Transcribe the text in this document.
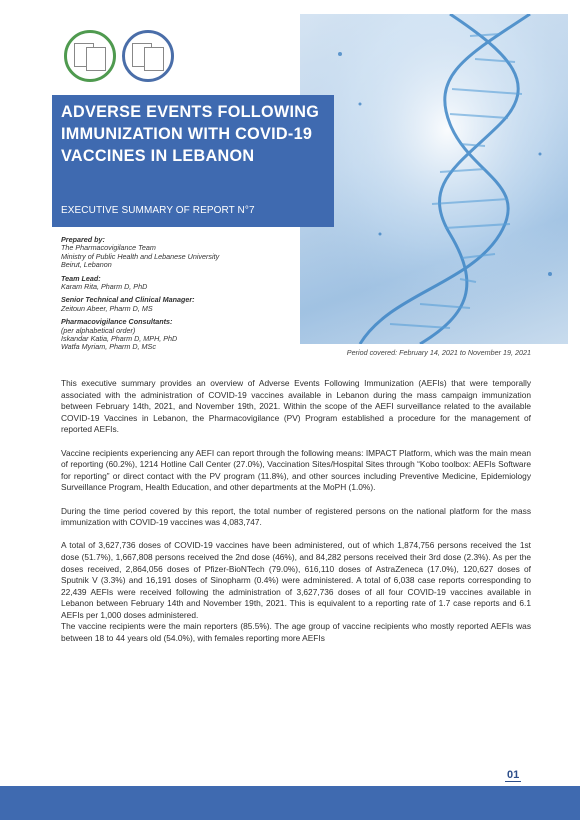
ADVERSE EVENTS FOLLOWING IMMUNIZATION WITH COVID-19 VACCINES IN LEBANON
EXECUTIVE SUMMARY OF REPORT N°7
Prepared by:
The Pharmacovigilance Team
Ministry of Public Health and Lebanese University
Beirut, Lebanon
Team Lead:
Karam Rita, Pharm D, PhD
Senior Technical and Clinical Manager:
Zeitoun Abeer, Pharm D, MS
Pharmacovigilance Consultants:
(per alphabetical order)
Iskandar Katia, Pharm D, MPH, PhD
Watfa Myriam, Pharm D, MSc
Period covered: February 14, 2021 to November 19, 2021

This executive summary provides an overview of Adverse Events Following Immunization (AEFIs) that were temporally associated with the administration of COVID-19 vaccines available in Lebanon during the mass campaign immunization between February 14th, 2021, and November 19th, 2021. Within the scope of the AEFI surveillance related to the available COVID-19 Vaccines in Lebanon, the Pharmacovigilance (PV) Program established a procedure for the management of reported AEFIs.

Vaccine recipients experiencing any AEFI can report through the following means: IMPACT Platform, which was the main mean of reporting (60.2%), 1214 Hotline Call Center (27.0%), Vaccination Sites/Hospital Sites through “Kobo toolbox: AEFIs Software for reporting” or direct contact with the PV program (11.8%), and other sources including Preventive Medicine, Epidemiology Surveillance Program, Health Education, and other departments at the MoPH (1.0%).

During the time period covered by this report, the total number of registered persons on the national platform for the mass immunization with COVID-19 vaccines was 4,083,747.

A total of 3,627,736 doses of COVID-19 vaccines have been administered, out of which 1,874,756 persons received the 1st dose (51.7%), 1,667,808 persons received the 2nd dose (46%), and 84,282 persons received their 3rd dose (2.3%). As per the doses received, 2,864,056 doses of Pfizer-BioNTech (79.0%), 616,110 doses of AstraZeneca (17.0%), 120,627 doses of Sputnik V (3.3%) and 16,191 doses of Sinopharm (0.4%) were administered. A total of 6,038 case reports corresponding to 22,439 AEFIs were received following the administration of 3,627,736 doses of all four COVID-19 vaccines available in Lebanon between February 14th and November 19th, 2021. This is equivalent to a reporting rate of 1.7 case reports and 6.1 AEFIs per 1,000 doses administered.

The vaccine recipients were the main reporters (85.5%). The age group of vaccine recipients who mostly reported AEFIs was between 18 to 44 years old (54.0%), with females reporting more AEFIs

01
